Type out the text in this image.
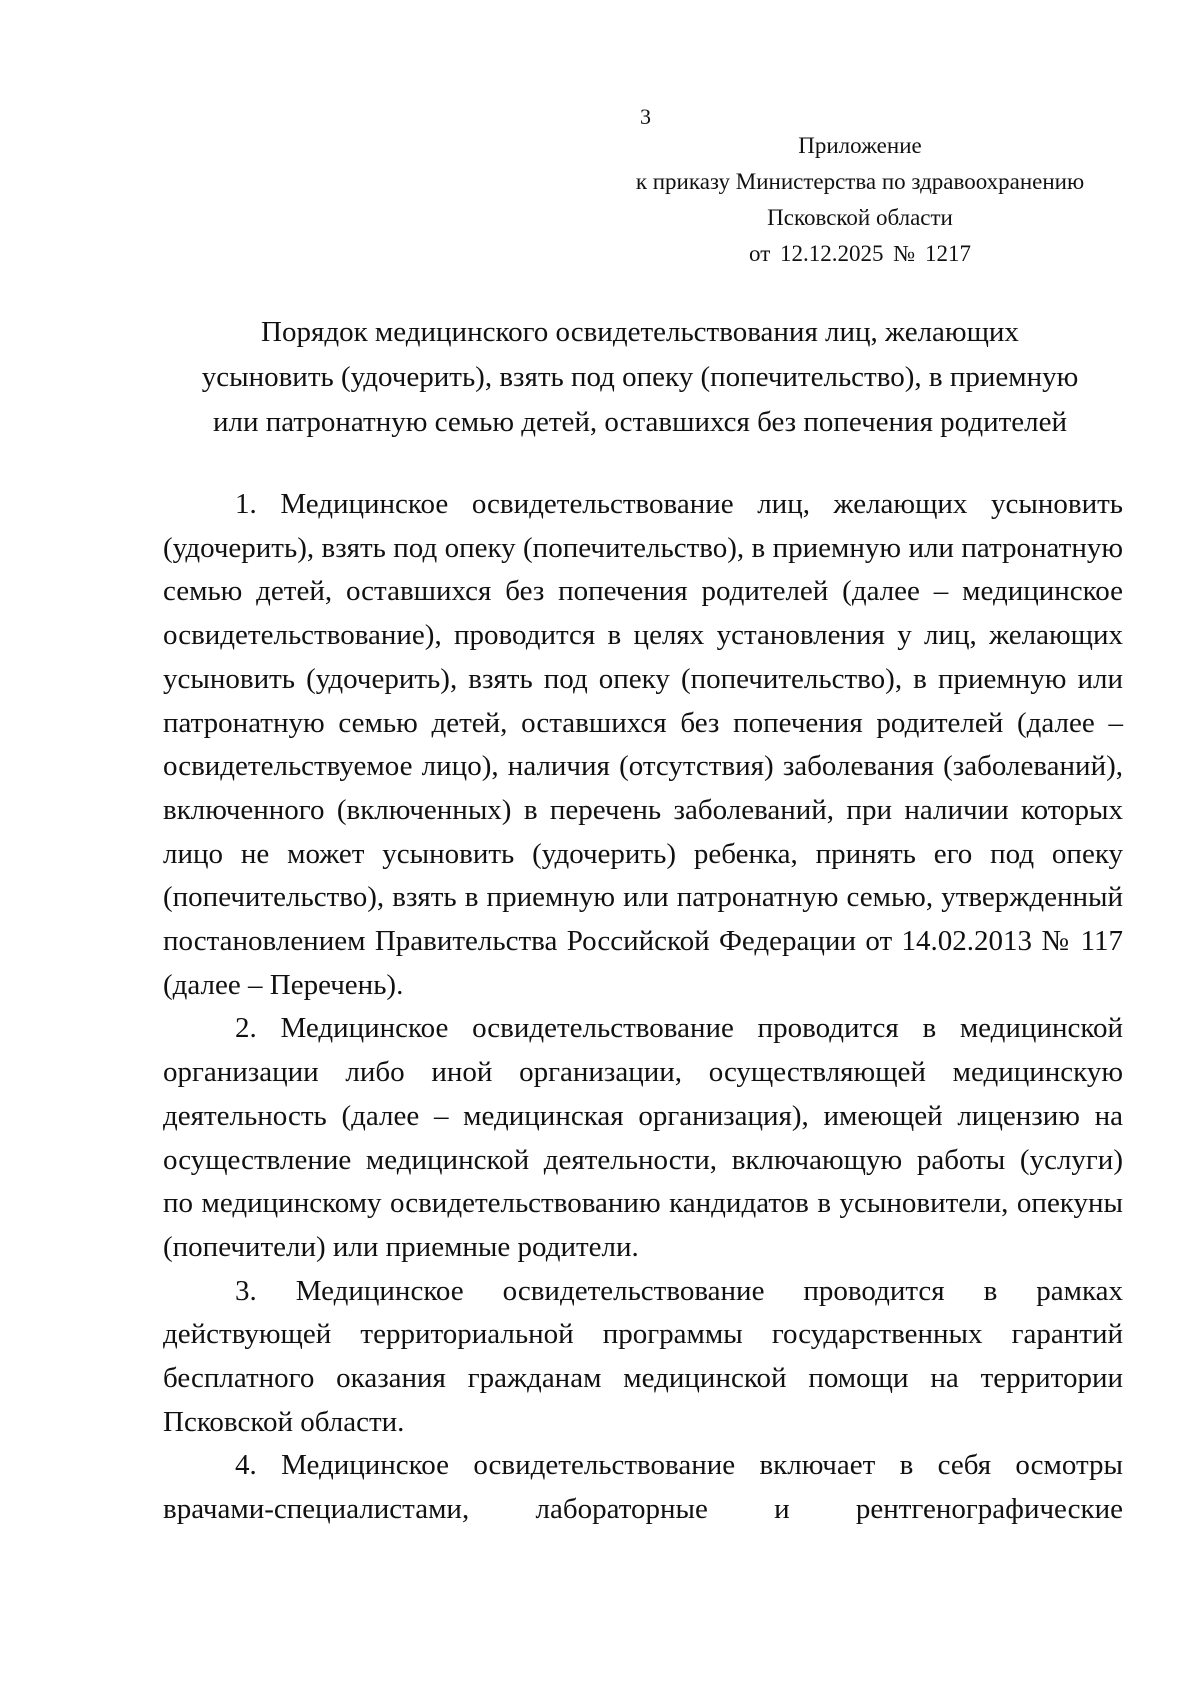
3
Приложение
к приказу Министерства по здравоохранению
Псковской области
от 12.12.2025 № 1217
Порядок медицинского освидетельствования лиц, желающих
усыновить (удочерить), взять под опеку (попечительство), в приемную
или патронатную семью детей, оставшихся без попечения родителей

1. Медицинское освидетельствование лиц, желающих усыновить (удочерить), взять под опеку (попечительство), в приемную или патронатную семью детей, оставшихся без попечения родителей (далее – медицинское освидетельствование), проводится в целях установления у лиц, желающих усыновить (удочерить), взять под опеку (попечительство), в приемную или патронатную семью детей, оставшихся без попечения родителей (далее – освидетельствуемое лицо), наличия (отсутствия) заболевания (заболеваний), включенного (включенных) в перечень заболеваний, при наличии которых лицо не может усыновить (удочерить) ребенка, принять его под опеку (попечительство), взять в приемную или патронатную семью, утвержденный постановлением Правительства Российской Федерации от 14.02.2013 № 117 (далее – Перечень).

2. Медицинское освидетельствование проводится в медицинской организации либо иной организации, осуществляющей медицинскую деятельность (далее – медицинская организация), имеющей лицензию на осуществление медицинской деятельности, включающую работы (услуги) по медицинскому освидетельствованию кандидатов в усыновители, опекуны (попечители) или приемные родители.

3. Медицинское освидетельствование проводится в рамках действующей территориальной программы государственных гарантий бесплатного оказания гражданам медицинской помощи на территории Псковской области.

4. Медицинское освидетельствование включает в себя осмотры врачами-специалистами, лабораторные и рентгенографические
